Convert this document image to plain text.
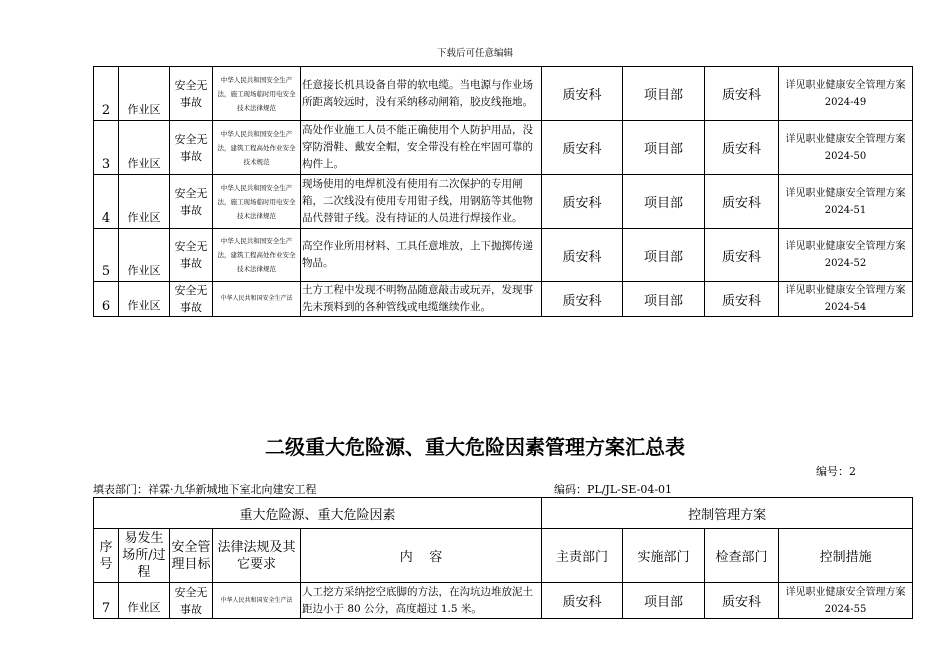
下载后可任意编辑
2	作业区	安全无
事故	中华人民共和国安全生产
法，施工现场临时用电安全
技术法律规范	任意接长机具设备自带的软电缆。当电源与作业场所距离较远时，没有采纳移动闸箱，胶皮线拖地。	质安科	项目部	质安科	详见职业健康安全管理方案
2024-49
3	作业区	安全无
事故	中华人民共和国安全生产
法，建筑工程高处作业安全
技术规范	高处作业施工人员不能正确使用个人防护用品，没穿防滑鞋、戴安全帽，安全带没有栓在牢固可靠的构件上。	质安科	项目部	质安科	详见职业健康安全管理方案
2024-50
4	作业区	安全无
事故	中华人民共和国安全生产
法，施工现场临时用电安全
技术法律规范	现场使用的电焊机没有使用有二次保护的专用闸箱，二次线没有使用专用钳子线，用钢筋等其他物品代替钳子线。没有持证的人员进行焊接作业。	质安科	项目部	质安科	详见职业健康安全管理方案
2024-51
5	作业区	安全无
事故	中华人民共和国安全生产
法，建筑工程高处作业安全
技术法律规范	高空作业所用材料、工具任意堆放，上下抛掷传递物品。	质安科	项目部	质安科	详见职业健康安全管理方案
2024-52
6	作业区	安全无
事故	中华人民共和国安全生产法	土方工程中发现不明物品随意敲击或玩弄，发现事先未预料到的各种管线或电缆继续作业。	质安科	项目部	质安科	详见职业健康安全管理方案
2024-54
二级重大危险源、重大危险因素管理方案汇总表
编号：2
填表部门：祥霖·九华新城地下室北向建安工程	编码：PL/JL-SE-04-01
重大危险源、重大危险因素					控制管理方案			
序
号	易发生
场所/过
程	安全管
理目标	法律法规及其
它要求	内    容	主责部门	实施部门	检查部门	控制措施
7	作业区	安全无
事故	中华人民共和国安全生产法	人工挖方采纳挖空底脚的方法，在沟坑边堆放泥土距边小于 80 公分，高度超过 1.5 米。	质安科	项目部	质安科	详见职业健康安全管理方案
2024-55
